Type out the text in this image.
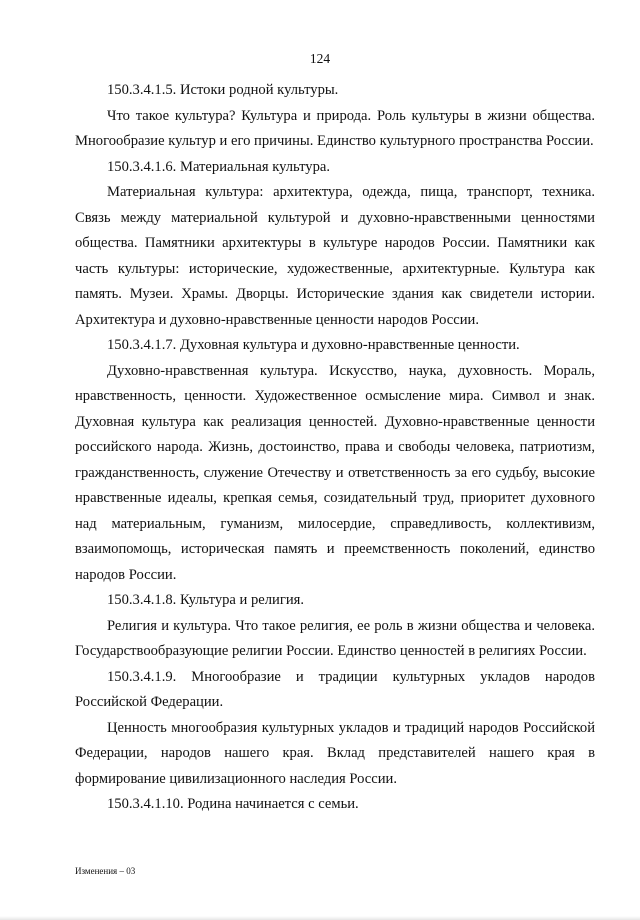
124

150.3.4.1.5. Истоки родной культуры.

Что такое культура? Культура и природа. Роль культуры в жизни общества. Многообразие культур и его причины. Единство культурного пространства России.

150.3.4.1.6. Материальная культура.

Материальная культура: архитектура, одежда, пища, транспорт, техника. Связь между материальной культурой и духовно-нравственными ценностями общества. Памятники архитектуры в культуре народов России. Памятники как часть культуры: исторические, художественные, архитектурные. Культура как память. Музеи. Храмы. Дворцы. Исторические здания как свидетели истории. Архитектура и духовно-нравственные ценности народов России.

150.3.4.1.7. Духовная культура и духовно-нравственные ценности.

Духовно-нравственная культура. Искусство, наука, духовность. Мораль, нравственность, ценности. Художественное осмысление мира. Символ и знак. Духовная культура как реализация ценностей. Духовно-нравственные ценности российского народа. Жизнь, достоинство, права и свободы человека, патриотизм, гражданственность, служение Отечеству и ответственность за его судьбу, высокие нравственные идеалы, крепкая семья, созидательный труд, приоритет духовного над материальным, гуманизм, милосердие, справедливость, коллективизм, взаимопомощь, историческая память и преемственность поколений, единство народов России.

150.3.4.1.8. Культура и религия.

Религия и культура. Что такое религия, ее роль в жизни общества и человека. Государствообразующие религии России. Единство ценностей в религиях России.

150.3.4.1.9. Многообразие и традиции культурных укладов народов Российской Федерации.

Ценность многообразия культурных укладов и традиций народов Российской Федерации, народов нашего края. Вклад представителей нашего края в формирование цивилизационного наследия России.

150.3.4.1.10. Родина начинается с семьи.

Изменения – 03
